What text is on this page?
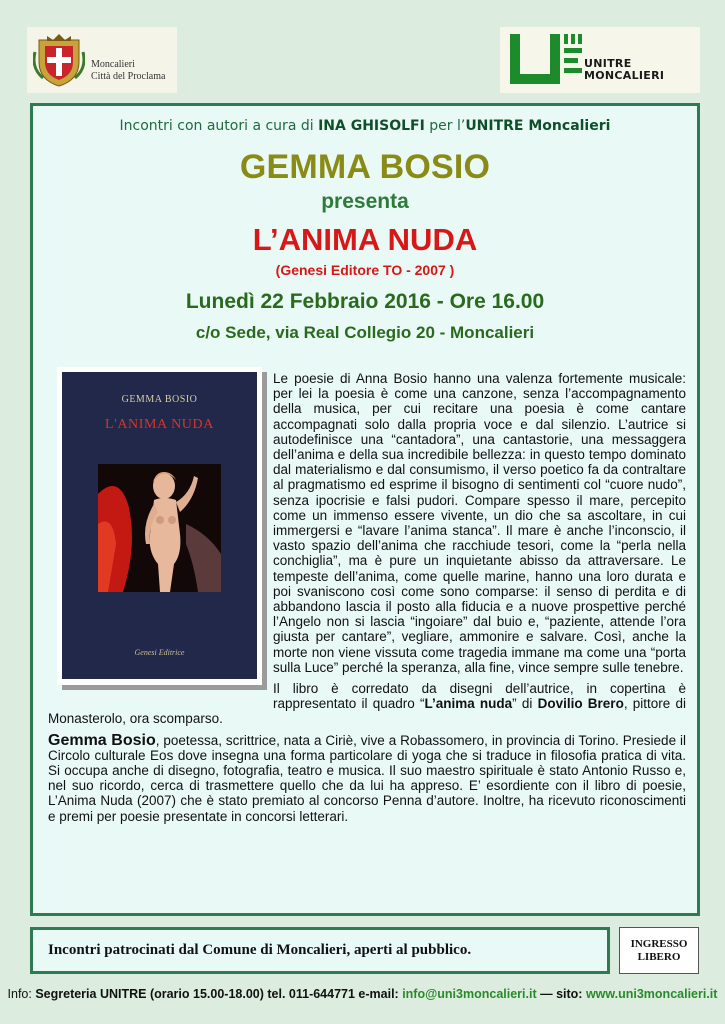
Moncalieri
Città del Proclama
UNITRE
MONCALIERI
Incontri con autori a cura di INA GHISOLFI per l’UNITRE Moncalieri
GEMMA BOSIO
presenta
L’ANIMA NUDA
(Genesi Editore TO - 2007 )
Lunedì 22 Febbraio 2016 - Ore 16.00
c/o Sede, via Real Collegio 20 - Moncalieri
GEMMA BOSIO
L'ANIMA NUDA
Genesi Editrice

Le poesie di Anna Bosio hanno una valenza fortemente musicale: per lei la poesia è come una canzone, senza l’accompagnamento della musica, per cui recitare una poesia è come cantare accompagnati solo dalla propria voce e dal silenzio. L’autrice si autodefinisce una “cantadora”, una cantastorie, una messaggera dell’anima e della sua incredibile bellezza: in questo tempo dominato dal materialismo e dal consumismo, il verso poetico fa da contraltare al pragmatismo ed esprime il bisogno di sentimenti col “cuore nudo”, senza ipocrisie e falsi pudori. Compare spesso il mare, percepito come un immenso essere vivente, un dio che sa ascoltare, in cui immergersi e “lavare l’anima stanca”. Il mare è anche l’inconscio, il vasto spazio dell’anima che racchiude tesori, come la “perla nella conchiglia”, ma è pure un inquietante abisso da attraversare. Le tempeste dell’anima, come quelle marine, hanno una loro durata e poi svaniscono così come sono comparse: il senso di perdita e di abbandono lascia il posto alla fiducia e a nuove prospettive perché l’Angelo non si lascia “ingoiare” dal buio e, “paziente, attende l’ora giusta per cantare”, vegliare, ammonire e salvare. Così, anche la morte non viene vissuta come tragedia immane ma come una “porta sulla Luce” perché la speranza, alla fine, vince sempre sulle tenebre.

Il libro è corredato da disegni dell’autrice, in copertina è rappresentato il quadro “L’anima nuda” di Dovilio Brero, pittore di Monasterolo, ora scomparso.

Gemma Bosio, poetessa, scrittrice, nata a Ciriè, vive a Robassomero, in provincia di Torino. Presiede il Circolo culturale Eos dove insegna una forma particolare di yoga che si traduce in filosofia pratica di vita. Si occupa anche di disegno, fotografia, teatro e musica. Il suo maestro spirituale è stato Antonio Russo e, nel suo ricordo, cerca di trasmettere quello che da lui ha appreso. E’ esordiente con il libro di poesie, L’Anima Nuda (2007) che è stato premiato al concorso Penna d’autore. Inoltre, ha ricevuto riconoscimenti e premi per poesie presentate in concorsi letterari.

Incontri patrocinati dal Comune di Moncalieri, aperti al pubblico.	INGRESSO
LIBERO
Info: Segreteria UNITRE (orario 15.00-18.00) tel. 011-644771 e-mail: info@uni3moncalieri.it — sito: www.uni3moncalieri.it
